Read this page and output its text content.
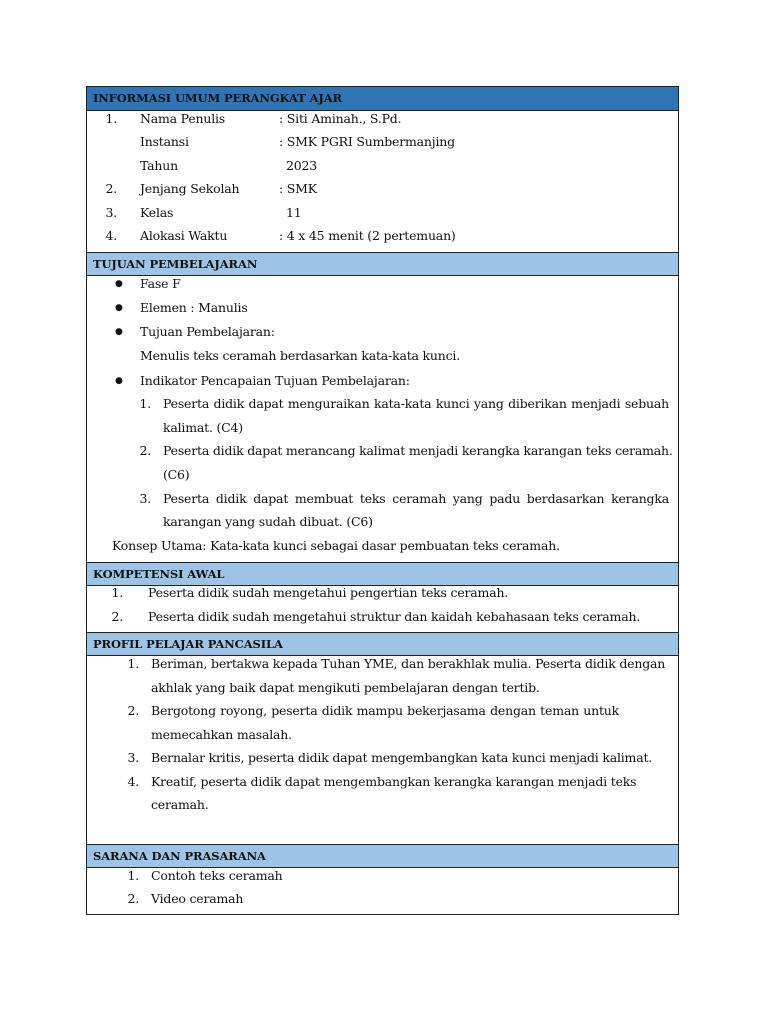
INFORMASI UMUM PERANGKAT AJAR
1. Nama Penulis	: Siti Aminah., S.Pd.
Instansi	: SMK PGRI Sumbermanjing
Tahun	2023
2. Jenjang Sekolah	: SMK
3. Kelas	11
4. Alokasi Waktu	: 4 x 45 menit (2 pertemuan)
TUJUAN PEMBELAJARAN
● Fase F
● Elemen : Manulis
● Tujuan Pembelajaran:
Menulis teks ceramah berdasarkan kata-kata kunci.
● Indikator Pencapaian Tujuan Pembelajaran:
1. Peserta didik dapat menguraikan kata-kata kunci yang diberikan menjadi sebuah
kalimat. (C4)
2. Peserta didik dapat merancang kalimat menjadi kerangka karangan teks ceramah.
(C6)
3. Peserta didik dapat membuat teks ceramah yang padu berdasarkan kerangka
karangan yang sudah dibuat. (C6)
Konsep Utama: Kata-kata kunci sebagai dasar pembuatan teks ceramah.
KOMPETENSI AWAL
1. Peserta didik sudah mengetahui pengertian teks ceramah.
2. Peserta didik sudah mengetahui struktur dan kaidah kebahasaan teks ceramah.
PROFIL PELAJAR PANCASILA
1. Beriman, bertakwa kepada Tuhan YME, dan berakhlak mulia. Peserta didik dengan
akhlak yang baik dapat mengikuti pembelajaran dengan tertib.
2. Bergotong royong, peserta didik mampu bekerjasama dengan teman untuk
memecahkan masalah.
3. Bernalar kritis, peserta didik dapat mengembangkan kata kunci menjadi kalimat.
4. Kreatif, peserta didik dapat mengembangkan kerangka karangan menjadi teks
ceramah.
SARANA DAN PRASARANA
1. Contoh teks ceramah
2. Video ceramah
